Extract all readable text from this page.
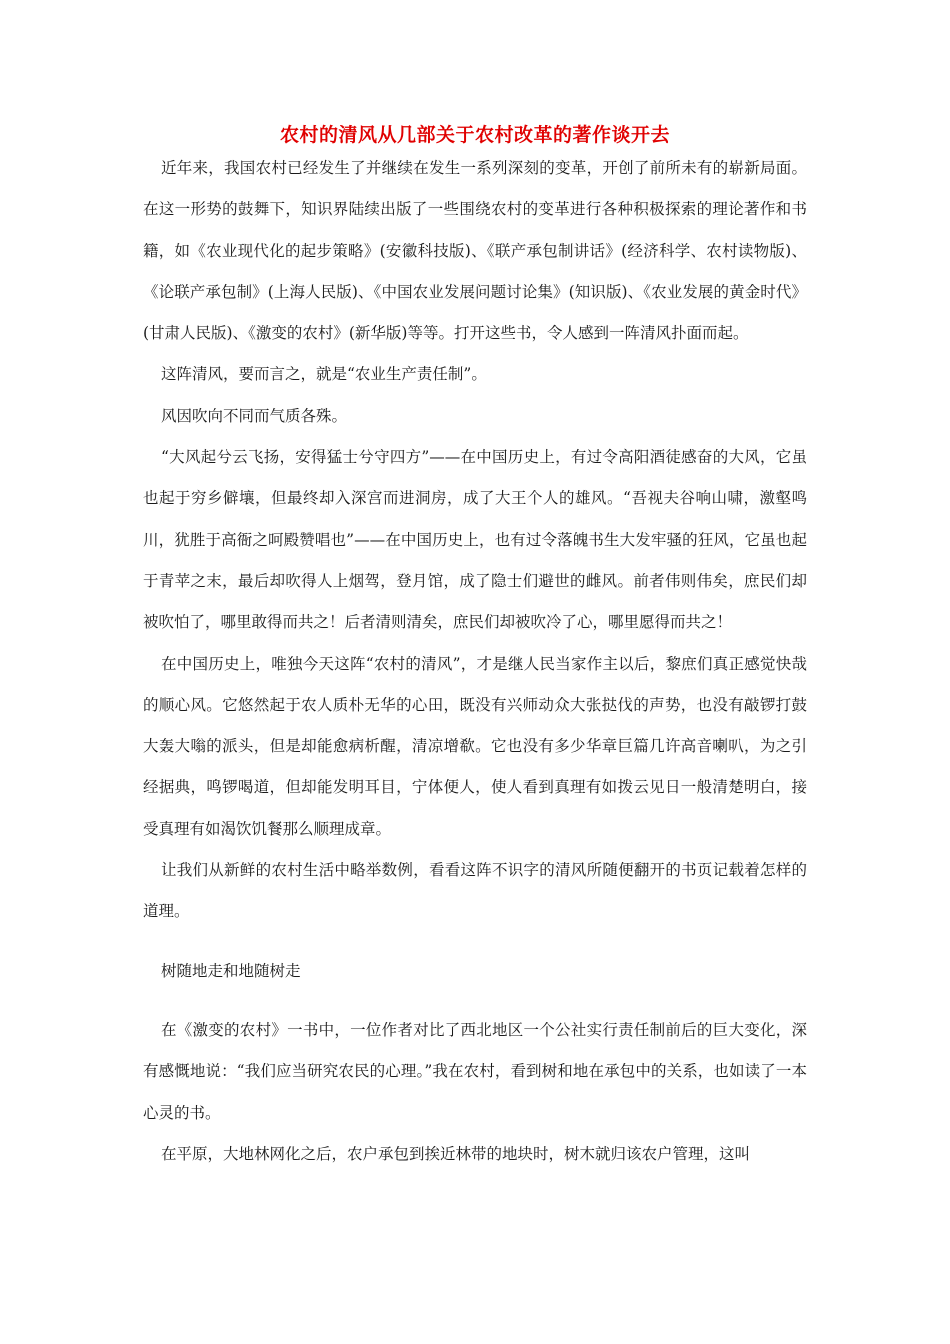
农村的清风从几部关于农村改革的著作谈开去

近年来，我国农村已经发生了并继续在发生一系列深刻的变革，开创了前所未有的崭新局面。在这一形势的鼓舞下，知识界陆续出版了一些围绕农村的变革进行各种积极探索的理论著作和书籍，如《农业现代化的起步策略》(安徽科技版)、《联产承包制讲话》(经济科学、农村读物版)、《论联产承包制》(上海人民版)、《中国农业发展问题讨论集》(知识版)、《农业发展的黄金时代》(甘肃人民版)、《激变的农村》(新华版)等等。打开这些书，令人感到一阵清风扑面而起。

这阵清风，要而言之，就是“农业生产责任制”。

风因吹向不同而气质各殊。

“大风起兮云飞扬，安得猛士兮守四方”——在中国历史上，有过令高阳酒徒感奋的大风，它虽也起于穷乡僻壤，但最终却入深宫而进洞房，成了大王个人的雄风。“吾视夫谷响山啸，激壑鸣 川，犹胜于高衙之呵殿赞唱也”——在中国历史上，也有过令落魄书生大发牢骚的狂风，它虽也起于青苹之末，最后却吹得人上烟驾，登月馆，成了隐士们避世的雌风。前者伟则伟矣，庶民们却被吹怕了，哪里敢得而共之！后者清则清矣，庶民们却被吹冷了心，哪里愿得而共之！

在中国历史上，唯独今天这阵“农村的清风”，才是继人民当家作主以后，黎庶们真正感觉快哉的顺心风。它悠然起于农人质朴无华的心田，既没有兴师动众大张挞伐的声势，也没有敲锣打鼓大轰大嗡的派头，但是却能愈病析醒，清凉增欷。它也没有多少华章巨篇几许高音喇叭，为之引经据典，鸣锣喝道，但却能发明耳目，宁体便人，使人看到真理有如拨云见日一般清楚明白，接受真理有如渴饮饥餐那么顺理成章。

让我们从新鲜的农村生活中略举数例，看看这阵不识字的清风所随便翻开的书页记载着怎样的道理。

树随地走和地随树走

在《激变的农村》一书中，一位作者对比了西北地区一个公社实行责任制前后的巨大变化，深有感慨地说：“我们应当研究农民的心理。”我在农村，看到树和地在承包中的关系，也如读了一本心灵的书。

在平原，大地林网化之后，农户承包到挨近林带的地块时，树木就归该农户管理，这叫
